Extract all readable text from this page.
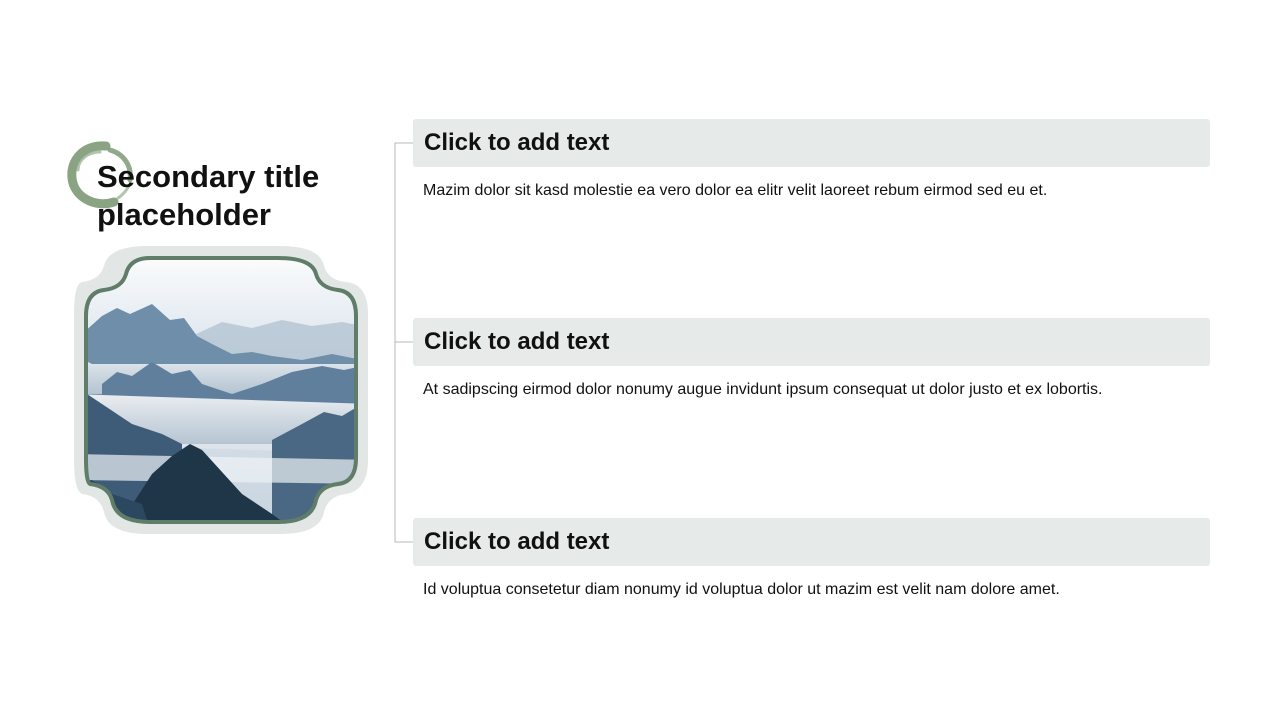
Secondary title placeholder
Click to add text
Mazim dolor sit kasd molestie ea vero dolor ea elitr velit laoreet rebum eirmod sed eu et.
Click to add text
At sadipscing eirmod dolor nonumy augue invidunt ipsum consequat ut dolor justo et ex lobortis.
Click to add text
Id voluptua consetetur diam nonumy id voluptua dolor ut mazim est velit nam dolore amet.
